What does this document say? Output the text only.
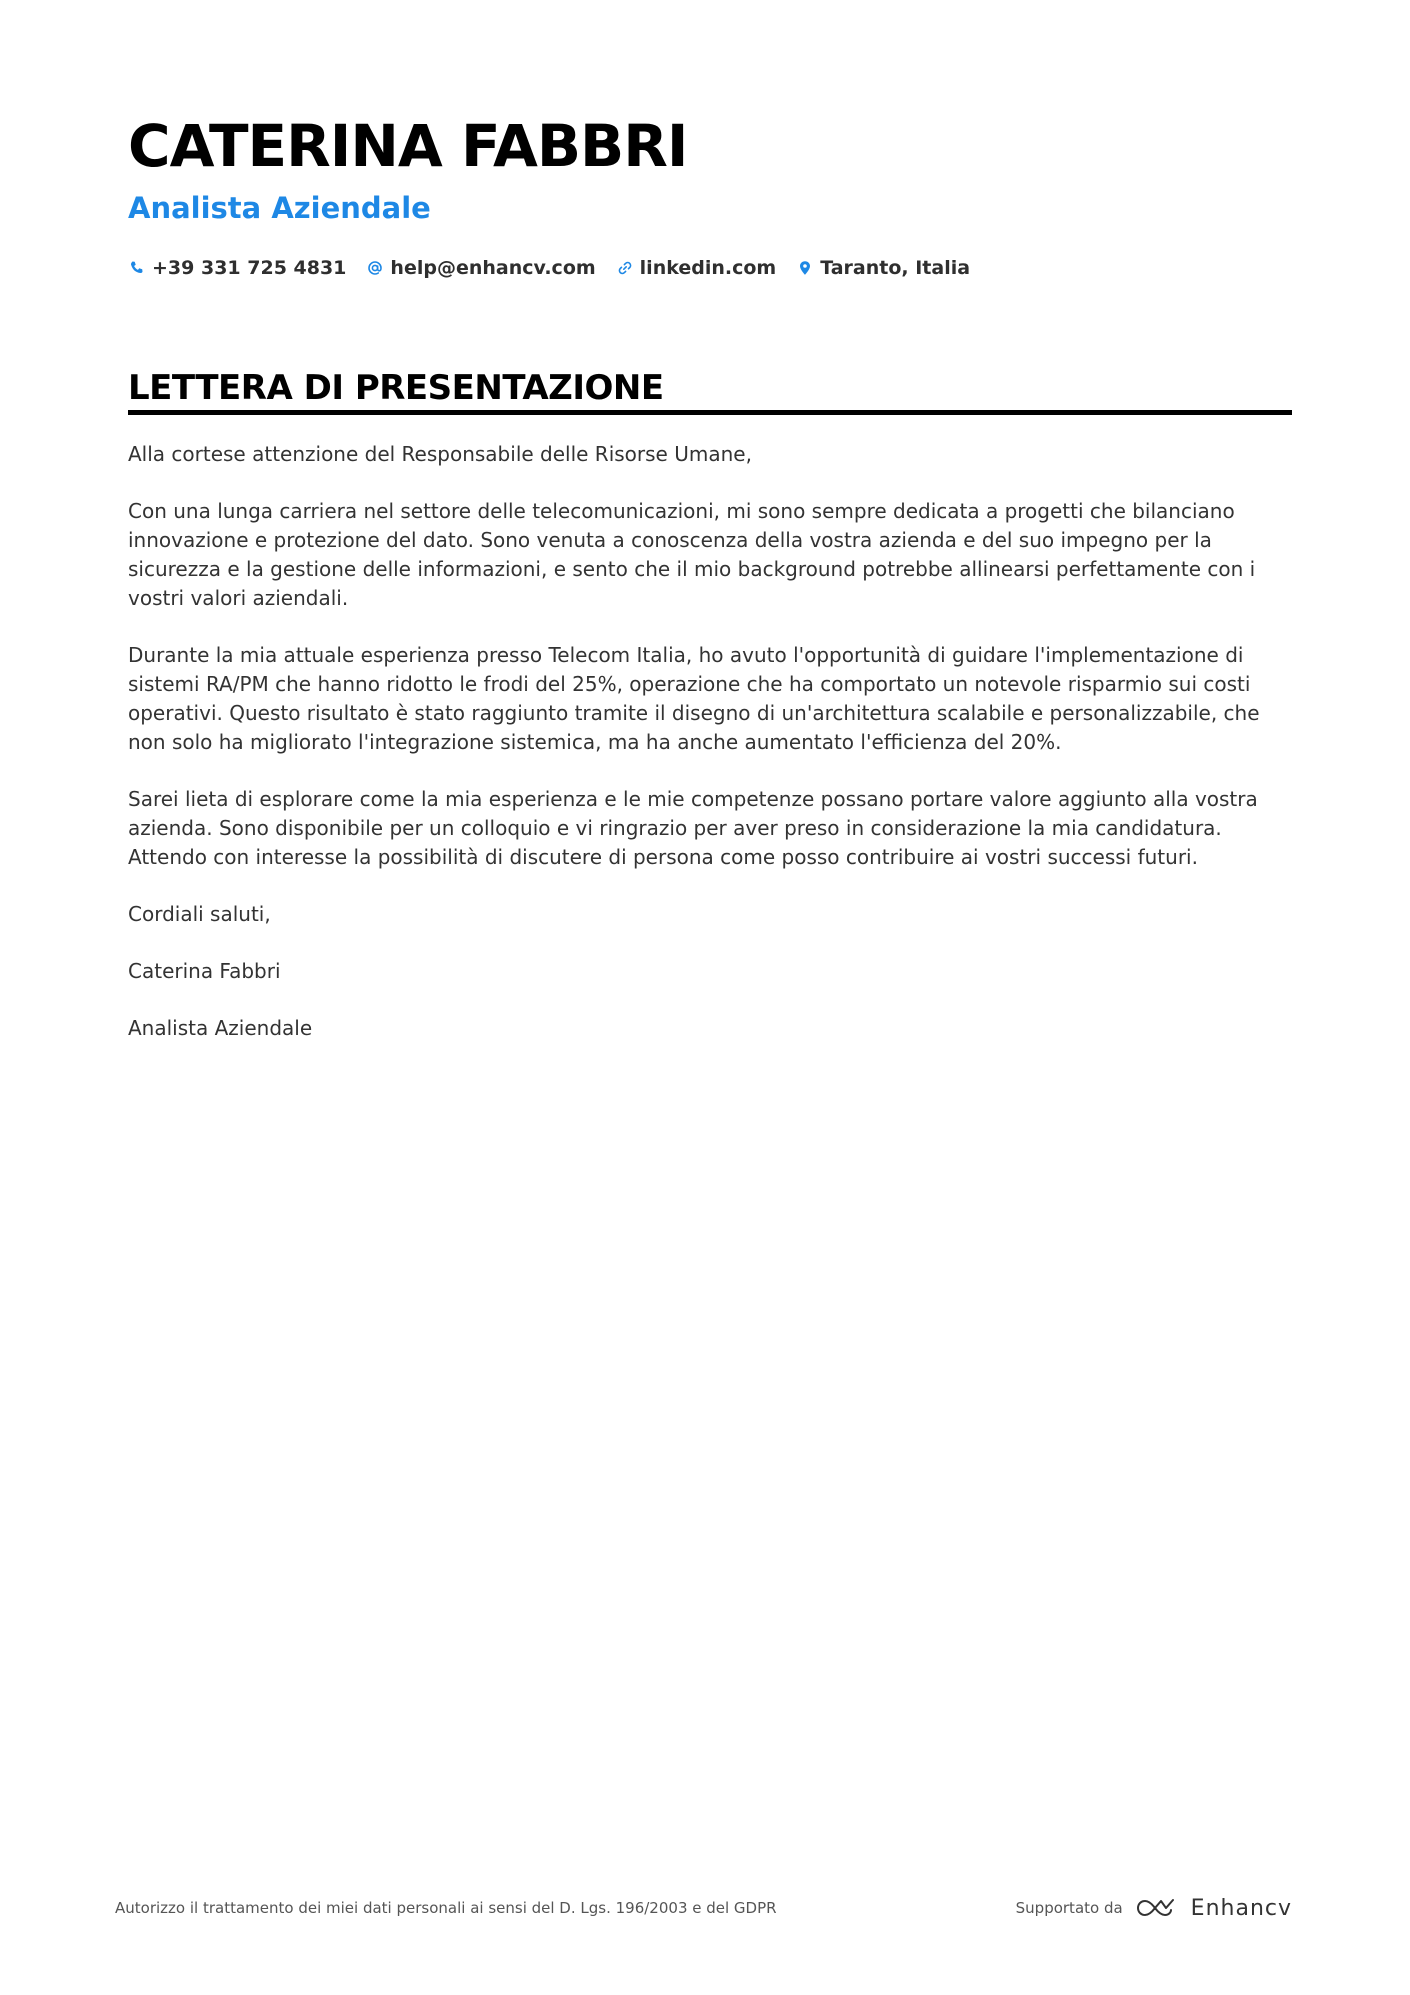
CATERINA FABBRI
Analista Aziendale
+39 331 725 4831 help@enhancv.com linkedin.com Taranto, Italia
LETTERA DI PRESENTAZIONE

Alla cortese attenzione del Responsabile delle Risorse Umane,

Con una lunga carriera nel settore delle telecomunicazioni, mi sono sempre dedicata a progetti che bilanciano innovazione e protezione del dato. Sono venuta a conoscenza della vostra azienda e del suo impegno per la sicurezza e la gestione delle informazioni, e sento che il mio background potrebbe allinearsi perfettamente con i vostri valori aziendali.

Durante la mia attuale esperienza presso Telecom Italia, ho avuto l'opportunità di guidare l'implementazione di sistemi RA/PM che hanno ridotto le frodi del 25%, operazione che ha comportato un notevole risparmio sui costi operativi. Questo risultato è stato raggiunto tramite il disegno di un'architettura scalabile e personalizzabile, che non solo ha migliorato l'integrazione sistemica, ma ha anche aumentato l'efficienza del 20%.

Sarei lieta di esplorare come la mia esperienza e le mie competenze possano portare valore aggiunto alla vostra azienda. Sono disponibile per un colloquio e vi ringrazio per aver preso in considerazione la mia candidatura. Attendo con interesse la possibilità di discutere di persona come posso contribuire ai vostri successi futuri.

Cordiali saluti,

Caterina Fabbri

Analista Aziendale

Autorizzo il trattamento dei miei dati personali ai sensi del D. Lgs. 196/2003 e del GDPR	Supportato da	Enhancv
